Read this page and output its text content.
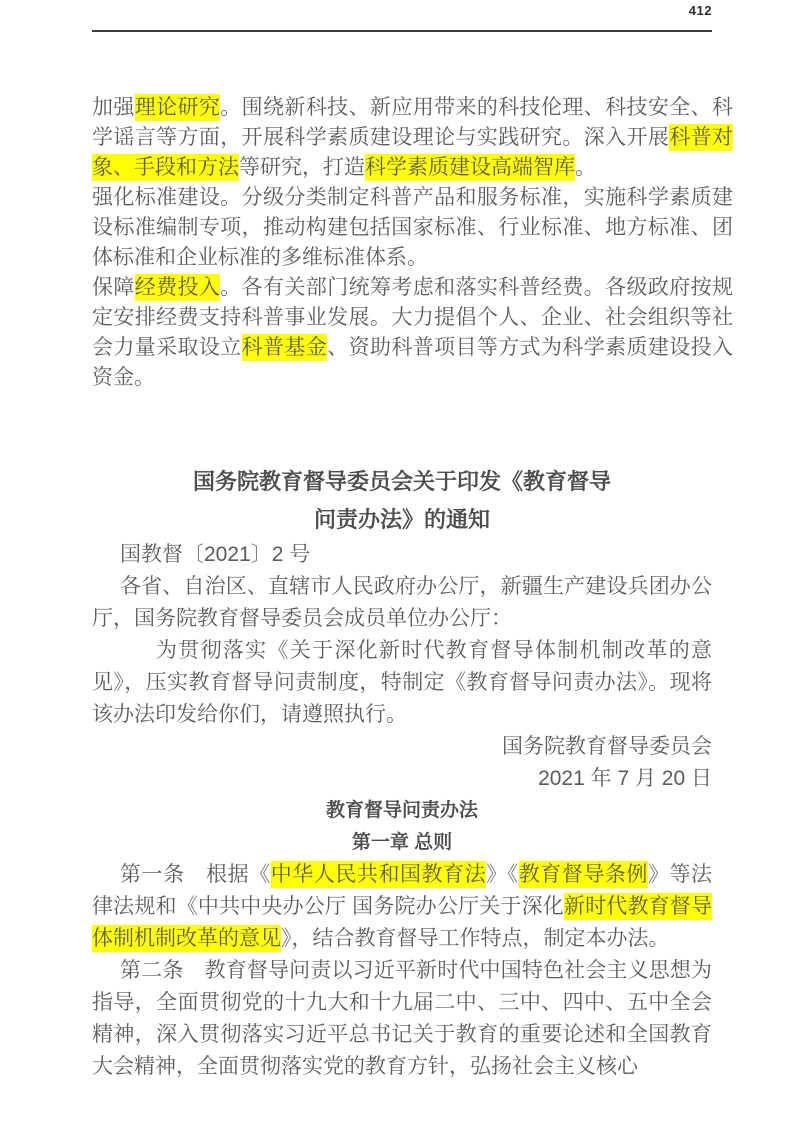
412

加强理论研究。围绕新科技、新应用带来的科技伦理、科技安全、科学谣言等方面，开展科学素质建设理论与实践研究。深入开展科普对象、手段和方法等研究，打造科学素质建设高端智库。

强化标准建设。分级分类制定科普产品和服务标准，实施科学素质建设标准编制专项，推动构建包括国家标准、行业标准、地方标准、团体标准和企业标准的多维标准体系。

保障经费投入。各有关部门统筹考虑和落实科普经费。各级政府按规定安排经费支持科普事业发展。大力提倡个人、企业、社会组织等社会力量采取设立科普基金、资助科普项目等方式为科学素质建设投入资金。

国务院教育督导委员会关于印发《教育督导

问责办法》的通知

国教督〔2021〕2 号

各省、自治区、直辖市人民政府办公厅，新疆生产建设兵团办公厅，国务院教育督导委员会成员单位办公厅：

为贯彻落实《关于深化新时代教育督导体制机制改革的意见》，压实教育督导问责制度，特制定《教育督导问责办法》。现将该办法印发给你们，请遵照执行。

国务院教育督导委员会

2021 年 7 月 20 日

教育督导问责办法

第一章 总则

第一条　根据《中华人民共和国教育法》《教育督导条例》等法律法规和《中共中央办公厅 国务院办公厅关于深化新时代教育督导体制机制改革的意见》，结合教育督导工作特点，制定本办法。

第二条　教育督导问责以习近平新时代中国特色社会主义思想为指导，全面贯彻党的十九大和十九届二中、三中、四中、五中全会精神，深入贯彻落实习近平总书记关于教育的重要论述和全国教育大会精神，全面贯彻落实党的教育方针，弘扬社会主义核心
